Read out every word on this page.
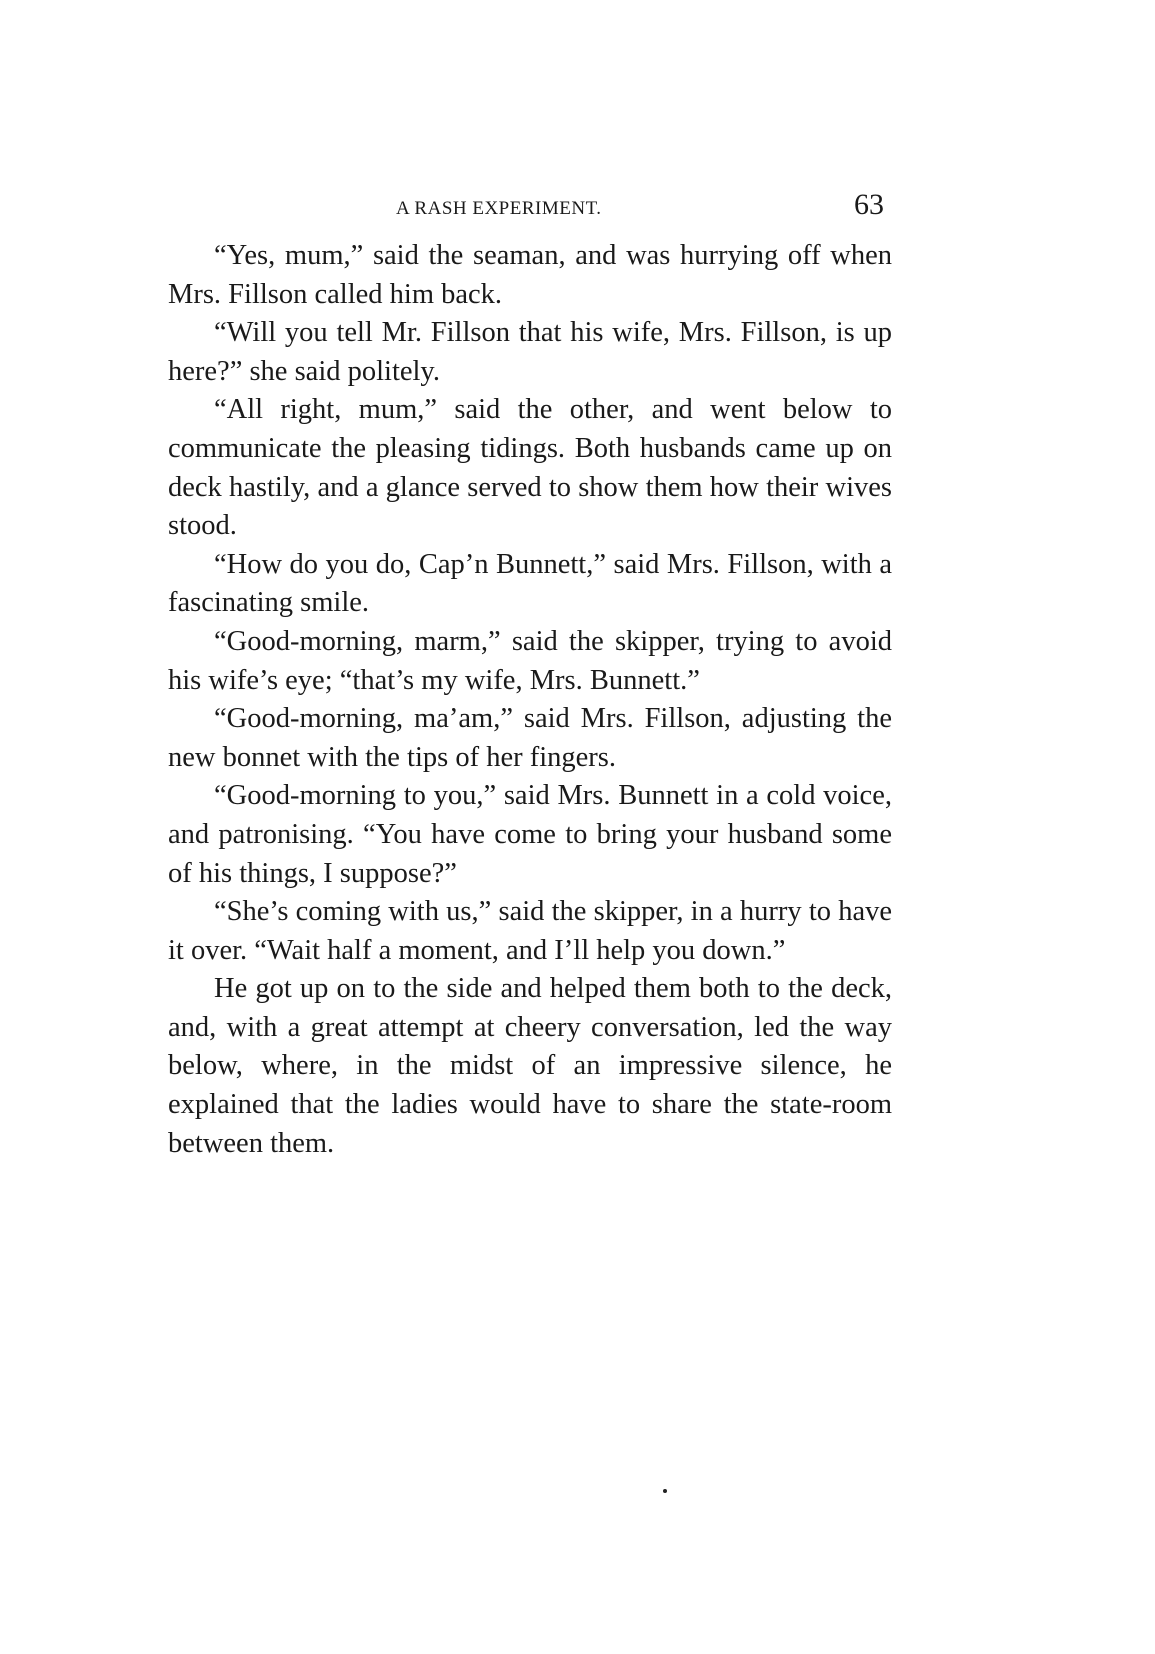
A RASH EXPERIMENT.	63

“Yes, mum,” said the seaman, and was hurrying off when Mrs. Fillson called him back.

“Will you tell Mr. Fillson that his wife, Mrs. Fillson, is up here?” she said politely.

“All right, mum,” said the other, and went below to communicate the pleasing tidings. Both husbands came up on deck hastily, and a glance served to show them how their wives stood.

“How do you do, Cap’n Bunnett,” said Mrs. Fillson, with a fascinating smile.

“Good-morning, marm,” said the skipper, trying to avoid his wife’s eye; “that’s my wife, Mrs. Bunnett.”

“Good-morning, ma’am,” said Mrs. Fillson, adjusting the new bonnet with the tips of her fingers.

“Good-morning to you,” said Mrs. Bunnett in a cold voice, and patronising. “You have come to bring your husband some of his things, I suppose?”

“She’s coming with us,” said the skipper, in a hurry to have it over. “Wait half a moment, and I’ll help you down.”

He got up on to the side and helped them both to the deck, and, with a great attempt at cheery conversation, led the way below, where, in the midst of an impressive silence, he explained that the ladies would have to share the state-room between them.
